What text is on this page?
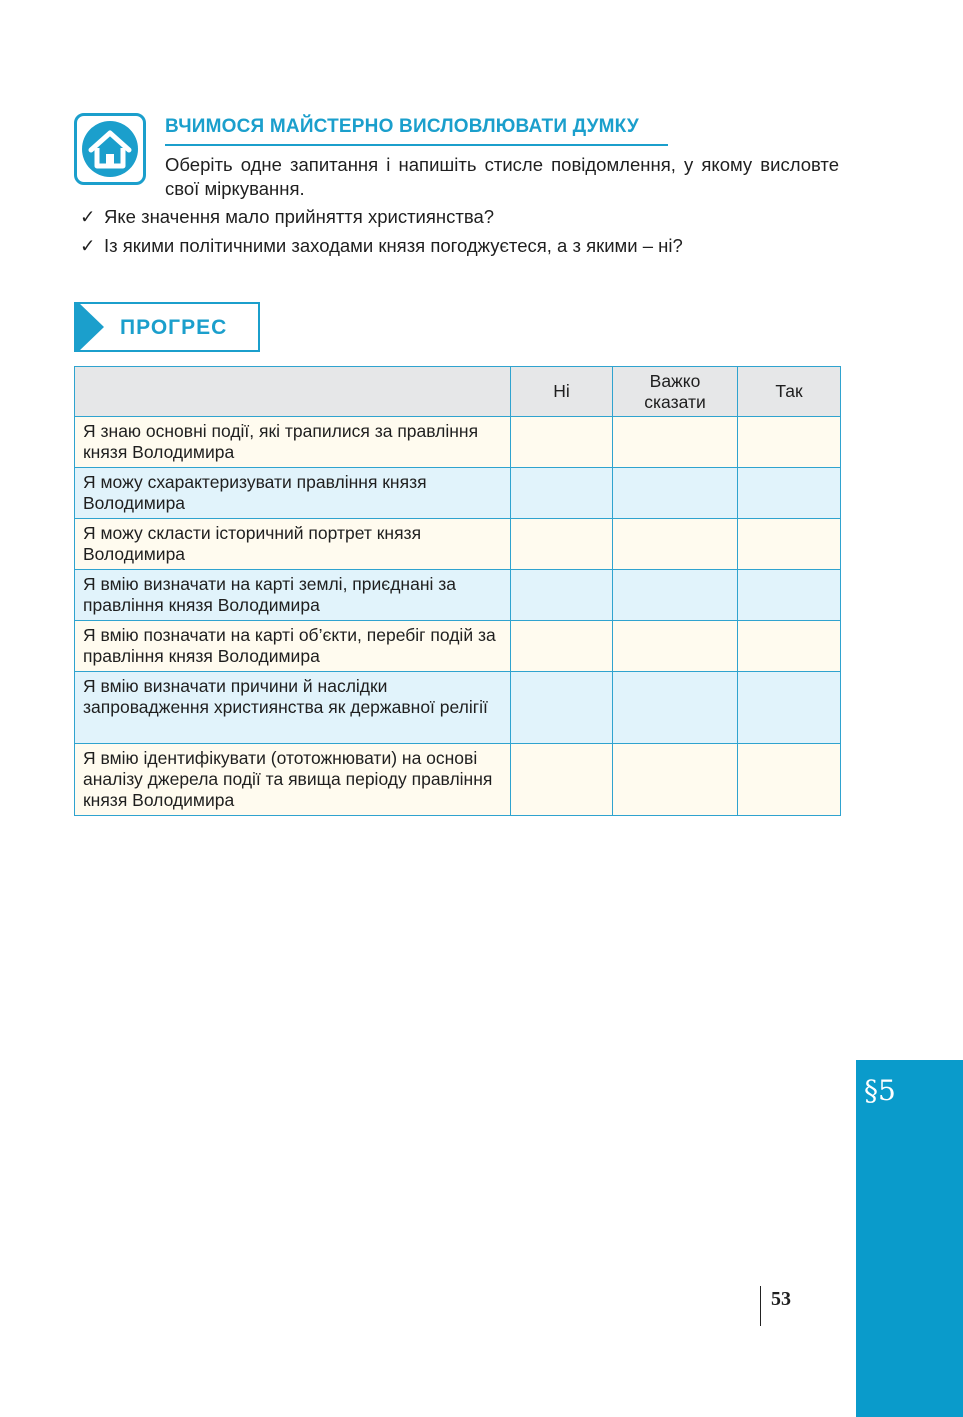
ВЧИМОСЯ МАЙСТЕРНО ВИСЛОВЛЮВАТИ ДУМКУ
Оберіть одне запитання і напишіть стисле повідомлення, у якому висловте свої міркування.
✓ Яке значення мало прийняття християнства?
✓ Із якими політичними заходами князя погоджуєтеся, а з якими – ні?
ПРОГРЕС
	Ні	Важко сказати	Так
Я знаю основні події, які трапилися за правління князя Володимира			
Я можу схарактеризувати правління князя Володимира			
Я можу скласти історичний портрет князя Володимира			
Я вмію визначати на карті землі, приєднані за правління князя Володимира			
Я вмію позначати на карті об’єкти, перебіг подій за правління князя Володимира			
Я вмію визначати причини й наслідки запровадження християнства як державної релігії			
Я вмію ідентифікувати (ототожнювати) на основі аналізу джерела події та явища періоду правління князя Володимира			
§5
53
